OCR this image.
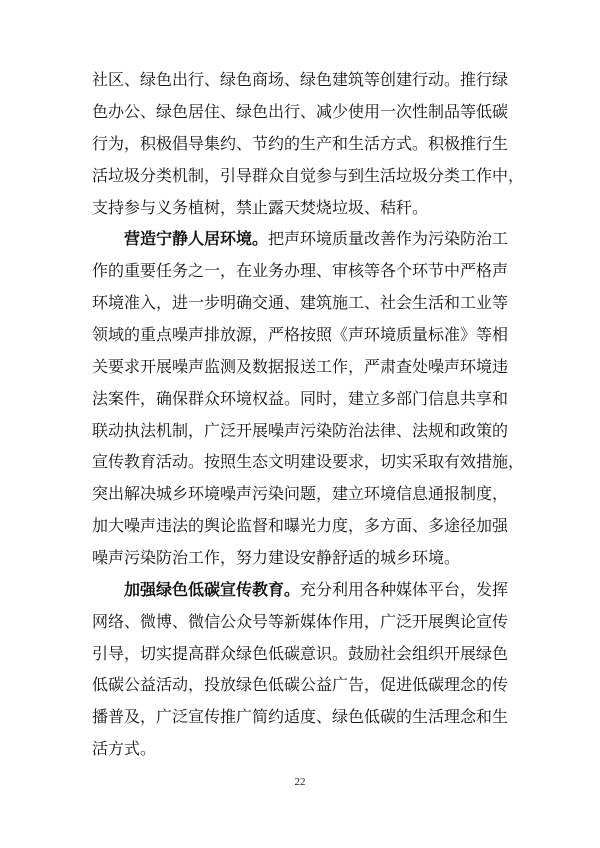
社区、绿色出行、绿色商场、绿色建筑等创建行动。推行绿
色办公、绿色居住、绿色出行、减少使用一次性制品等低碳
行为，积极倡导集约、节约的生产和生活方式。积极推行生
活垃圾分类机制，引导群众自觉参与到生活垃圾分类工作中，
支持参与义务植树，禁止露天焚烧垃圾、秸秆。
营造宁静人居环境。把声环境质量改善作为污染防治工
作的重要任务之一，在业务办理、审核等各个环节中严格声
环境准入，进一步明确交通、建筑施工、社会生活和工业等
领域的重点噪声排放源，严格按照《声环境质量标准》等相
关要求开展噪声监测及数据报送工作，严肃查处噪声环境违
法案件，确保群众环境权益。同时，建立多部门信息共享和
联动执法机制，广泛开展噪声污染防治法律、法规和政策的
宣传教育活动。按照生态文明建设要求，切实采取有效措施，
突出解决城乡环境噪声污染问题，建立环境信息通报制度，
加大噪声违法的舆论监督和曝光力度，多方面、多途径加强
噪声污染防治工作，努力建设安静舒适的城乡环境。
加强绿色低碳宣传教育。充分利用各种媒体平台，发挥
网络、微博、微信公众号等新媒体作用，广泛开展舆论宣传
引导，切实提高群众绿色低碳意识。鼓励社会组织开展绿色
低碳公益活动，投放绿色低碳公益广告，促进低碳理念的传
播普及，广泛宣传推广简约适度、绿色低碳的生活理念和生
活方式。
22
